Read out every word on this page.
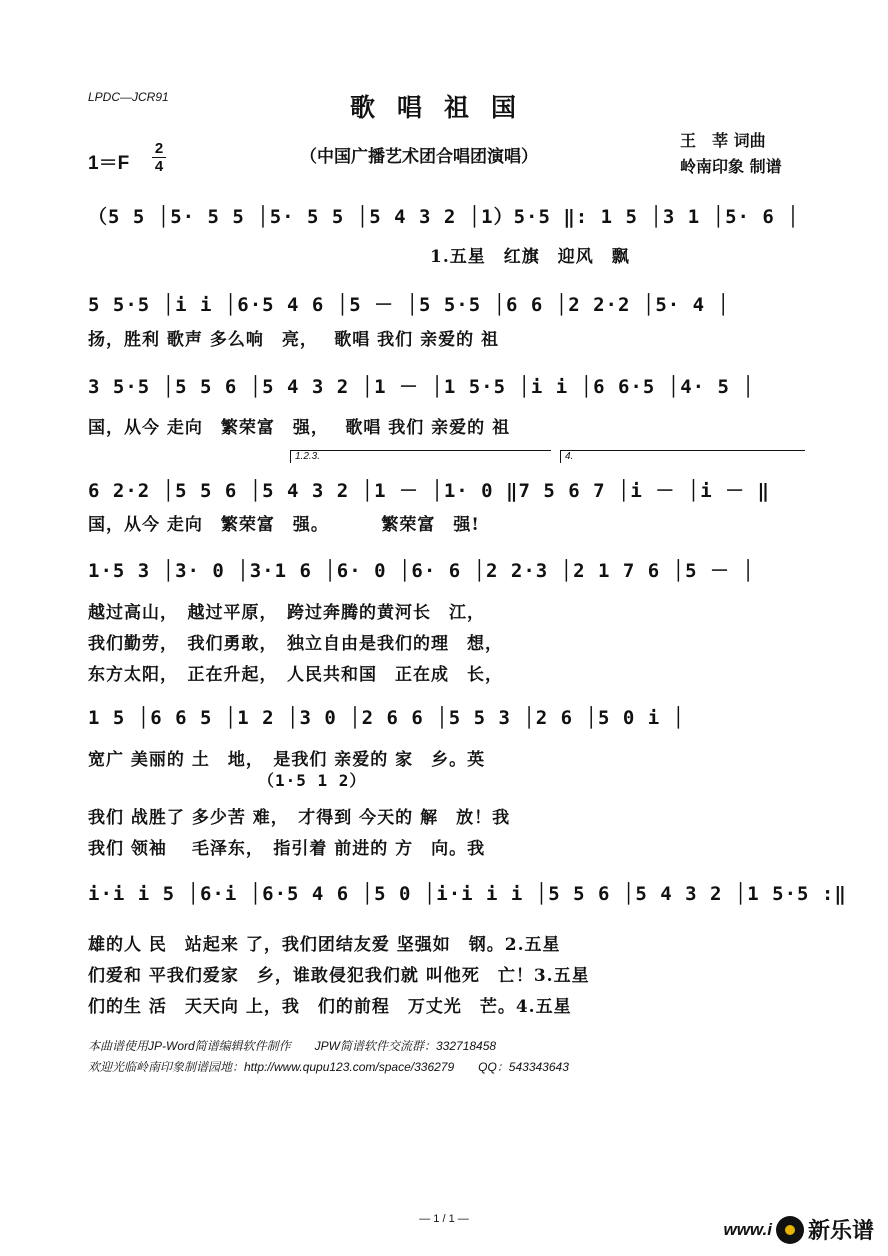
LPDC—JCR91	歌唱祖国
（中国广播艺术团合唱团演唱）
王　莘 词曲
岭南印象 制谱
1＝F
2
4
（5 5 │5· 5 5 │5· 5 5 │5 4 3 2 │1）5·5 ‖: 1 5 │3 1 │5· 6 │
　　　　　　　　　　　　　　　　　　　1.五星　红旗　迎风　飘
5 5·5 │i i │6·5 4 6 │5 － │5 5·5 │6 6 │2 2·2 │5· 4 │
扬，胜利 歌声 多么响　亮，　 歌唱 我们 亲爱的 祖
3 5·5 │5 5 6 │5 4 3 2 │1 － │1 5·5 │i i │6 6·5 │4· 5 │
国，从今 走向　繁荣富　强，　 歌唱 我们 亲爱的 祖
1.2.3.	4.
6 2·2 │5 5 6 │5 4 3 2 │1 － │1· 0 ‖7 5 6 7 │i － │i － ‖
国，从今 走向　繁荣富　强。　　　 繁荣富　强!
1·5 3 │3· 0 │3·1 6 │6· 0 │6· 6 │2 2·3 │2 1 7 6 │5 － │
越过高山，　越过平原，　跨过奔腾的黄河长　江，
我们勤劳，　我们勇敢，　独立自由是我们的理　想，
东方太阳，　正在升起，　人民共和国　正在成　长，
1 5 │6 6 5 │1 2 │3 0 │2 6 6 │5 5 3 │2 6 │5 0 i │
宽广 美丽的 土　地，　是我们 亲爱的 家　乡。英
（1·5 1 2）
我们 战胜了 多少苦 难，　才得到 今天的 解　放！我
我们 领袖　 毛泽东，　指引着 前进的 方　向。我
i·i i 5 │6·i │6·5 4 6 │5 0 │i·i i i │5 5 6 │5 4 3 2 │1 5·5 :‖
雄的人 民　站起来 了，我们团结友爱 坚强如　钢。2.五星
们爱和 平我们爱家　乡，谁敢侵犯我们就 叫他死　亡！3.五星
们的生 活　天天向 上，我　们的前程　万丈光　芒。4.五星
本曲谱使用JP-Word简谱编辑软件制作　　JPW简谱软件交流群：332718458
欢迎光临岭南印象制谱园地：http://www.qupu123.com/space/336279　　QQ：543343643
— 1 / 1 —
www.i 新乐谱
